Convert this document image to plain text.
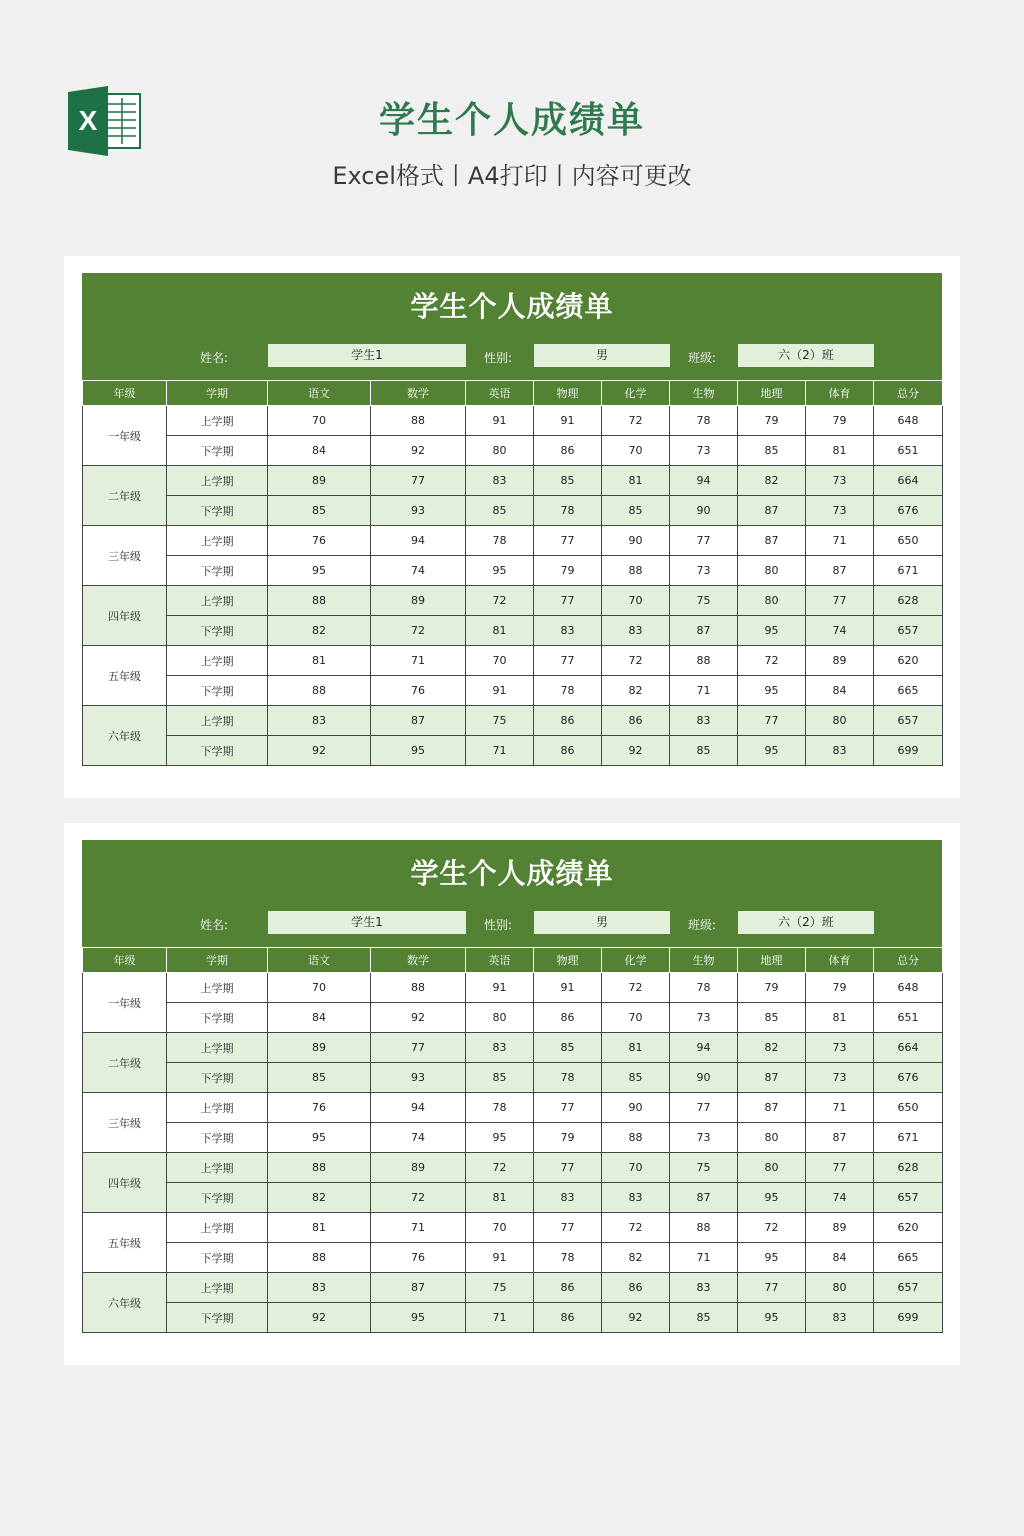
X	学生个人成绩单
Excel格式丨A4打印丨内容可更改
学生个人成绩单
姓名:	学生1	性别:	男	班级:	六（2）班
年级	学期	语文	数学	英语	物理	化学	生物	地理	体育	总分
一年级	上学期	70	88	91	91	72	78	79	79	648
	下学期	84	92	80	86	70	73	85	81	651
二年级	上学期	89	77	83	85	81	94	82	73	664
	下学期	85	93	85	78	85	90	87	73	676
三年级	上学期	76	94	78	77	90	77	87	71	650
	下学期	95	74	95	79	88	73	80	87	671
四年级	上学期	88	89	72	77	70	75	80	77	628
	下学期	82	72	81	83	83	87	95	74	657
五年级	上学期	81	71	70	77	72	88	72	89	620
	下学期	88	76	91	78	82	71	95	84	665
六年级	上学期	83	87	75	86	86	83	77	80	657
	下学期	92	95	71	86	92	85	95	83	699
学生个人成绩单
姓名:	学生1	性别:	男	班级:	六（2）班
年级	学期	语文	数学	英语	物理	化学	生物	地理	体育	总分
一年级	上学期	70	88	91	91	72	78	79	79	648
	下学期	84	92	80	86	70	73	85	81	651
二年级	上学期	89	77	83	85	81	94	82	73	664
	下学期	85	93	85	78	85	90	87	73	676
三年级	上学期	76	94	78	77	90	77	87	71	650
	下学期	95	74	95	79	88	73	80	87	671
四年级	上学期	88	89	72	77	70	75	80	77	628
	下学期	82	72	81	83	83	87	95	74	657
五年级	上学期	81	71	70	77	72	88	72	89	620
	下学期	88	76	91	78	82	71	95	84	665
六年级	上学期	83	87	75	86	86	83	77	80	657
	下学期	92	95	71	86	92	85	95	83	699
